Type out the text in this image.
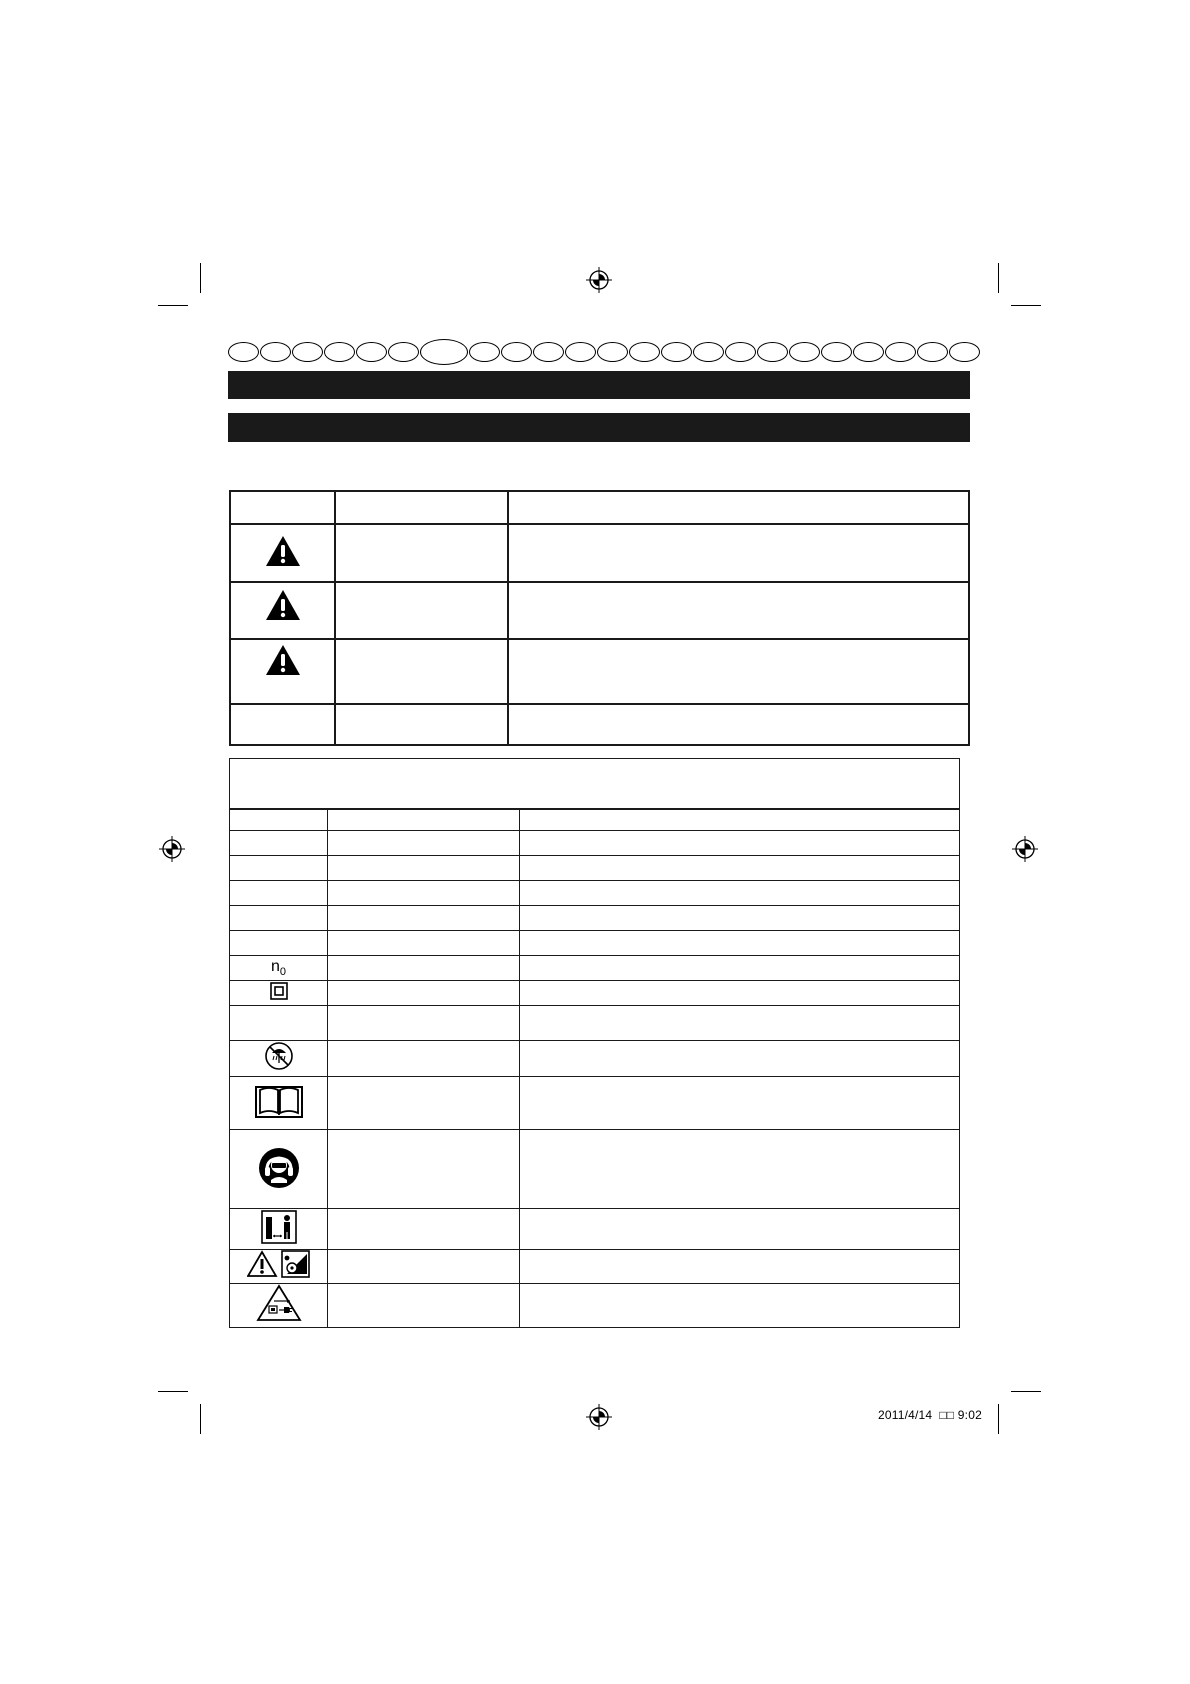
$n_0$		

2011/4/14  □□ 9:02
